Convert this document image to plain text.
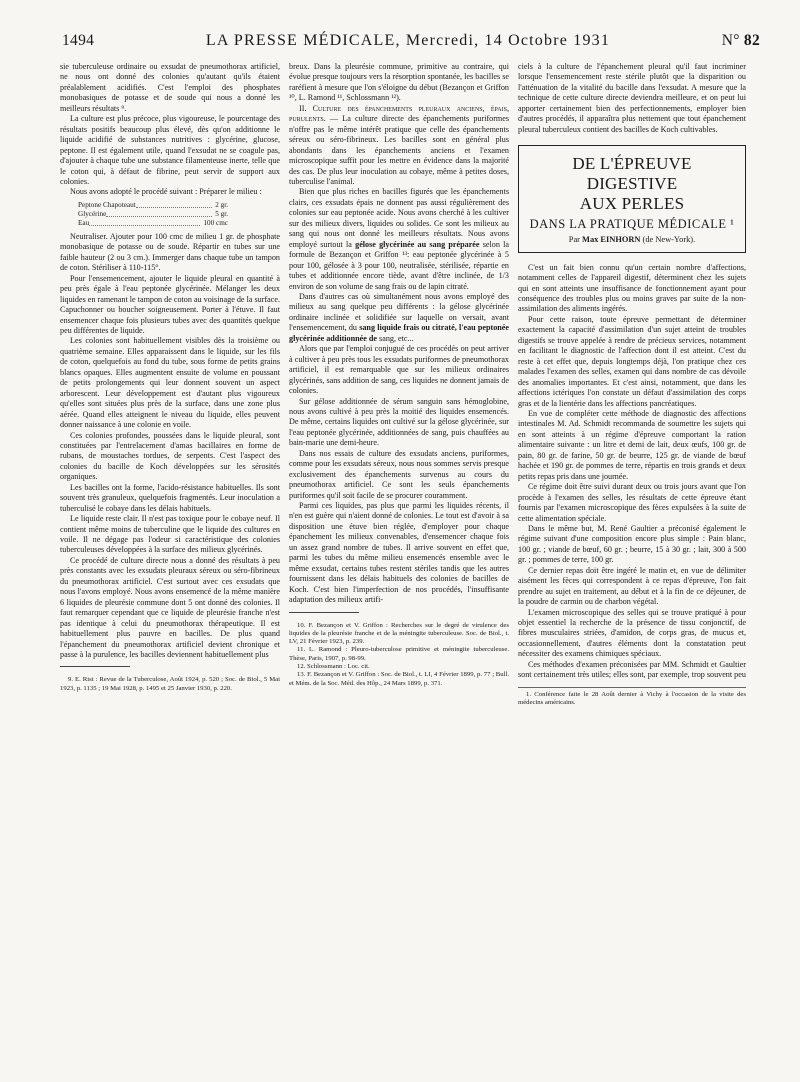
1494	LA PRESSE MÉDICALE, Mercredi, 14 Octobre 1931	N° 82

sie tuberculeuse ordinaire ou exsudat de pneumothorax artificiel, ne nous ont donné des colonies qu'autant qu'ils étaient préalablement acidifiés. C'est l'emploi des phosphates monobasiques de potasse et de soude qui nous a donné les meilleurs résultats ⁹.

La culture est plus précoce, plus vigoureuse, le pourcentage des résultats positifs beaucoup plus élevé, dès qu'on additionne le liquide acidifié de substances nutritives : glycérine, glucose, peptone. Il est également utile, quand l'exsudat ne se coagule pas, d'ajouter à chaque tube une substance filamenteuse inerte, telle que le coton qui, à défaut de fibrine, peut servir de support aux colonies.

Nous avons adopté le procédé suivant : Préparer le milieu :

Peptone Chapoteaut	2 gr.
Glycérine	5 gr.
Eau	100 cmc

Neutraliser. Ajouter pour 100 cmc de milieu 1 gr. de phosphate monobasique de potasse ou de soude. Répartir en tubes sur une faible hauteur (2 ou 3 cm.). Immerger dans chaque tube un tampon de coton. Stériliser à 110-115°.

Pour l'ensemencement, ajouter le liquide pleural en quantité à peu près égale à l'eau peptonée glycérinée. Mélanger les deux liquides en ramenant le tampon de coton au voisinage de la surface. Capuchonner ou boucher soigneusement. Porter à l'étuve. Il faut ensemencer chaque fois plusieurs tubes avec des quantités quelque peu différentes de liquide.

Les colonies sont habituellement visibles dès la troisième ou quatrième semaine. Elles apparaissent dans le liquide, sur les fils de coton, quelquefois au fond du tube, sous forme de petits grains blancs opaques. Elles augmentent ensuite de volume en poussant de petits prolongements qui leur donnent souvent un aspect arborescent. Leur développement est d'autant plus vigoureux qu'elles sont situées plus près de la surface, dans une zone plus aérée. Quand elles atteignent le niveau du liquide, elles peuvent donner naissance à une colonie en voile.

Ces colonies profondes, poussées dans le liquide pleural, sont constituées par l'entrelacement d'amas bacillaires en forme de rubans, de moustaches tordues, de serpents. C'est l'aspect des colonies du bacille de Koch développées sur les sérosités organiques.

Les bacilles ont la forme, l'acido-résistance habituelles. Ils sont souvent très granuleux, quelquefois fragmentés. Leur inoculation a tuberculisé le cobaye dans les délais habituels.

Le liquide reste clair. Il n'est pas toxique pour le cobaye neuf. Il contient même moins de tuberculine que le liquide des cultures en voile. Il ne dégage pas l'odeur si caractéristique des colonies tuberculeuses développées à la surface des milieux glycérinés.

Ce procédé de culture directe nous a donné des résultats à peu près constants avec les exsudats pleuraux séreux ou séro-fibrineux du pneumothorax artificiel. C'est surtout avec ces exsudats que nous l'avons employé. Nous avons ensemencé de la même manière 6 liquides de pleurésie commune dont 5 ont donné des colonies. Il faut remarquer cependant que ce liquide de pleurésie franche n'est pas identique à celui du pneumothorax thérapeutique. Il est habituellement plus pauvre en bacilles. De plus quand l'épanchement du pneumothorax artificiel devient chronique et passe à la purulence, les bacilles deviennent habituellement plus

9. E. Rist : Revue de la Tuberculose, Août 1924, p. 520 ; Soc. de Biol., 5 Mai 1923, p. 1135 ; 19 Mai 1928, p. 1495 et 25 Janvier 1930, p. 220.

breux. Dans la pleurésie commune, primitive au contraire, qui évolue presque toujours vers la résorption spontanée, les bacilles se raréfient à mesure que l'on s'éloigne du début (Bezançon et Griffon ¹⁰, L. Ramond ¹¹, Schlossmann ¹²).

II. Culture des épanchements pleuraux anciens, épais, purulents. — La culture directe des épanchements puriformes n'offre pas le même intérêt pratique que celle des épanchements séreux ou séro-fibrineux. Les bacilles sont en général plus abondants dans les épanchements anciens et l'examen microscopique suffit pour les mettre en évidence dans la majorité des cas. De plus leur inoculation au cobaye, même à petites doses, tuberculise l'animal.

Bien que plus riches en bacilles figurés que les épanchements clairs, ces exsudats épais ne donnent pas aussi régulièrement des colonies sur eau peptonée acide. Nous avons cherché à les cultiver sur des milieux divers, liquides ou solides. Ce sont les milieux au sang qui nous ont donné les meilleurs résultats. Nous avons employé surtout la gélose glycérinée au sang préparée selon la formule de Bezançon et Griffon ¹³: eau peptonée glycérinée à 5 pour 100, gélosée à 3 pour 100, neutralisée, stérilisée, répartie en tubes et additionnée encore tiède, avant d'être inclinée, de 1/3 environ de son volume de sang frais ou de lapin citraté.

Dans d'autres cas où simultanément nous avons employé des milieux au sang quelque peu différents : la gélose glycérinée ordinaire inclinée et solidifiée sur laquelle on versait, avant l'ensemencement, du sang liquide frais ou citraté, l'eau peptonée glycérinée additionnée de sang, etc...

Alors que par l'emploi conjugué de ces procédés on peut arriver à cultiver à peu près tous les exsudats puriformes de pneumothorax artificiel, il est remarquable que sur les milieux ordinaires glycérinés, sans addition de sang, ces liquides ne donnent jamais de colonies.

Sur gélose additionnée de sérum sanguin sans hémoglobine, nous avons cultivé à peu près la moitié des liquides ensemencés. De même, certains liquides ont cultivé sur la gélose glycérinée, sur l'eau peptonée glycérinée, additionnées de sang, puis chauffées au bain-marie une demi-heure.

Dans nos essais de culture des exsudats anciens, puriformes, comme pour les exsudats séreux, nous nous sommes servis presque exclusivement des épanchements survenus au cours du pneumothorax artificiel. Ce sont les seuls épanchements puriformes qu'il soit facile de se procurer couramment.

Parmi ces liquides, pas plus que parmi les liquides récents, il n'en est guère qui n'aient donné de colonies. Le tout est d'avoir à sa disposition une étuve bien réglée, d'employer pour chaque épanchement les milieux convenables, d'ensemencer chaque fois un assez grand nombre de tubes. Il arrive souvent en effet que, parmi les tubes du même milieu ensemencés ensemble avec le même exsudat, certains tubes restent stériles tandis que les autres fournissent dans les délais habituels des colonies de bacilles de Koch. C'est bien l'imperfection de nos procédés, l'insuffisante adaptation des milieux artifi-

10. F. Bezançon et V. Griffon : Recherches sur le degré de virulence des liquides de la pleurésie franche et de la méningite tuberculeuse. Soc. de Biol., t. LV, 21 Février 1923, p. 239.

11. L. Ramond : Pleuro-tuberculose primitive et méningite tuberculeuse. Thèse, Paris, 1907, p. 98-99.

12. Schlossmann : Loc. cit.

13. F. Bezançon et V. Griffon : Soc. de Biol., t. LI, 4 Février 1899, p. 77 ; Bull. et Mém. de la Soc. Méd. des Hôp., 24 Mars 1899, p. 371.

ciels à la culture de l'épanchement pleural qu'il faut incriminer lorsque l'ensemencement reste stérile plutôt que la disparition ou l'atténuation de la vitalité du bacille dans l'exsudat. A mesure que la technique de cette culture directe deviendra meilleure, et on peut lui apporter certainement bien des perfectionnements, employer bien d'autres procédés, il apparaîtra plus nettement que tout épanchement pleural tuberculeux contient des bacilles de Koch cultivables.

DE L'ÉPREUVE DIGESTIVE
AUX PERLES
DANS LA PRATIQUE MÉDICALE ¹
Par Max EINHORN (de New-York).

C'est un fait bien connu qu'un certain nombre d'affections, notamment celles de l'appareil digestif, déterminent chez les sujets qui en sont atteints une insuffisance de fonctionnement ayant pour conséquence des troubles plus ou moins graves par suite de la non-assimilation des aliments ingérés.

Pour cette raison, toute épreuve permettant de déterminer exactement la capacité d'assimilation d'un sujet atteint de troubles digestifs se trouve appelée à rendre de précieux services, notamment en facilitant le diagnostic de l'affection dont il est atteint. C'est du reste à cet effet que, depuis longtemps déjà, l'on pratique chez ces malades l'examen des selles, examen qui dans nombre de cas dévoile des anomalies importantes. Et c'est ainsi, notamment, que dans les affections ictériques l'on constate un défaut d'assimilation des corps gras et de la lientérie dans les affections pancréatiques.

En vue de compléter cette méthode de diagnostic des affections intestinales M. Ad. Schmidt recommanda de soumettre les sujets qui en sont atteints à un régime d'épreuve comportant la ration alimentaire suivante : un litre et demi de lait, deux œufs, 100 gr. de pain, 80 gr. de farine, 50 gr. de beurre, 125 gr. de viande de bœuf hachée et 190 gr. de pommes de terre, répartis en trois grands et deux petits repas pris dans une journée.

Ce régime doit être suivi durant deux ou trois jours avant que l'on procède à l'examen des selles, les résultats de cette épreuve étant fournis par l'examen microscopique des fèces expulsées à la suite de cette alimentation spéciale.

Dans le même but, M. René Gaultier a préconisé également le régime suivant d'une composition encore plus simple : Pain blanc, 100 gr. ; viande de bœuf, 60 gr. ; beurre, 15 à 30 gr. ; lait, 300 à 500 gr. ; pommes de terre, 100 gr.

Ce dernier repas doit être ingéré le matin et, en vue de délimiter aisément les fèces qui correspondent à ce repas d'épreuve, l'on fait prendre au sujet en traitement, au début et à la fin de ce déjeuner, de la poudre de carmin ou de charbon végétal.

L'examen microscopique des selles qui se trouve pratiqué à pour objet essentiel la recherche de la présence de tissu conjonctif, de fibres musculaires striées, d'amidon, de corps gras, de mucus et, occasionnellement, d'autres éléments dont la constatation peut nécessiter des examens chimiques spéciaux.

Ces méthodes d'examen préconisées par MM. Schmidt et Gaultier sont certainement très utiles; elles sont, par exemple, trop souvent peu

1. Conférence faite le 28 Août dernier à Vichy à l'occasion de la visite des médecins américains.
